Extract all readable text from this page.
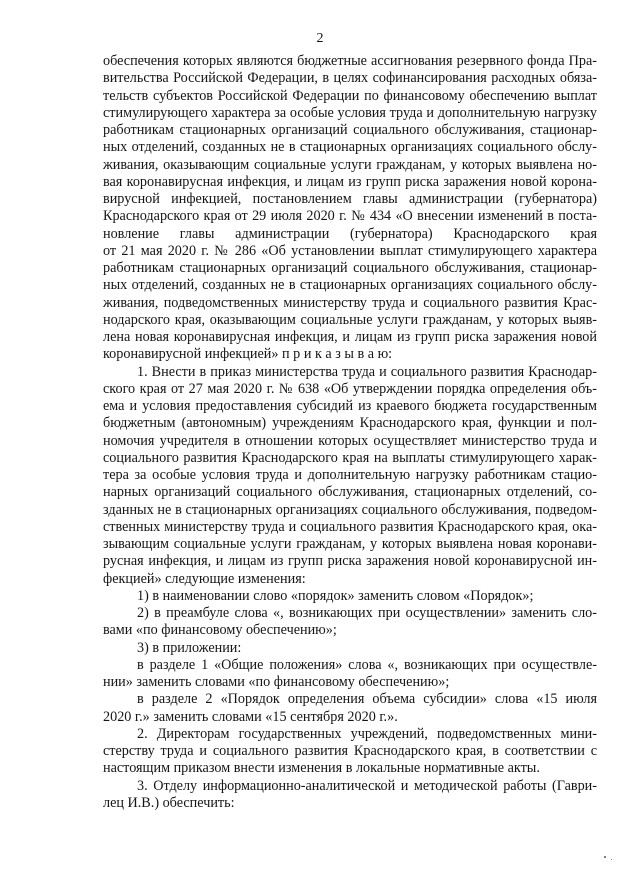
2
обеспечения которых являются бюджетные ассигнования резервного фонда Пра-
вительства Российской Федерации, в целях софинансирования расходных обяза-
тельств субъектов Российской Федерации по финансовому обеспечению выплат
стимулирующего характера за особые условия труда и дополнительную нагрузку
работникам стационарных организаций социального обслуживания, стационар-
ных отделений, созданных не в стационарных организациях социального обслу-
живания, оказывающим социальные услуги гражданам, у которых выявлена но-
вая коронавирусная инфекция, и лицам из групп риска заражения новой корона-
вирусной инфекцией, постановлением главы администрации (губернатора)
Краснодарского края от 29 июля 2020 г. № 434 «О внесении изменений в поста-
новление главы администрации (губернатора) Краснодарского края
от 21 мая 2020 г. № 286 «Об установлении выплат стимулирующего характера
работникам стационарных организаций социального обслуживания, стационар-
ных отделений, созданных не в стационарных организациях социального обслу-
живания, подведомственных министерству труда и социального развития Крас-
нодарского края, оказывающим социальные услуги гражданам, у которых выяв-
лена новая коронавирусная инфекция, и лицам из групп риска заражения новой
коронавирусной инфекцией» п р и к а з ы в а ю:
1. Внести в приказ министерства труда и социального развития Краснодар-
ского края от 27 мая 2020 г. № 638 «Об утверждении порядка определения объ-
ема и условия предоставления субсидий из краевого бюджета государственным
бюджетным (автономным) учреждениям Краснодарского края, функции и пол-
номочия учредителя в отношении которых осуществляет министерство труда и
социального развития Краснодарского края на выплаты стимулирующего харак-
тера за особые условия труда и дополнительную нагрузку работникам стацио-
нарных организаций социального обслуживания, стационарных отделений, со-
зданных не в стационарных организациях социального обслуживания, подведом-
ственных министерству труда и социального развития Краснодарского края, ока-
зывающим социальные услуги гражданам, у которых выявлена новая коронави-
русная инфекция, и лицам из групп риска заражения новой коронавирусной ин-
фекцией» следующие изменения:
1) в наименовании слово «порядок» заменить словом «Порядок»;
2) в преамбуле слова «, возникающих при осуществлении» заменить сло-
вами «по финансовому обеспечению»;
3) в приложении:
в разделе 1 «Общие положения» слова «, возникающих при осуществле-
нии» заменить словами «по финансовому обеспечению»;
в разделе 2 «Порядок определения объема субсидии» слова «15 июля
2020 г.» заменить словами «15 сентября 2020 г.».
2. Директорам государственных учреждений, подведомственных мини-
стерству труда и социального развития Краснодарского края, в соответствии с
настоящим приказом внести изменения в локальные нормативные акты.
3. Отделу информационно-аналитической и методической работы (Гаври-
лец И.В.) обеспечить:
